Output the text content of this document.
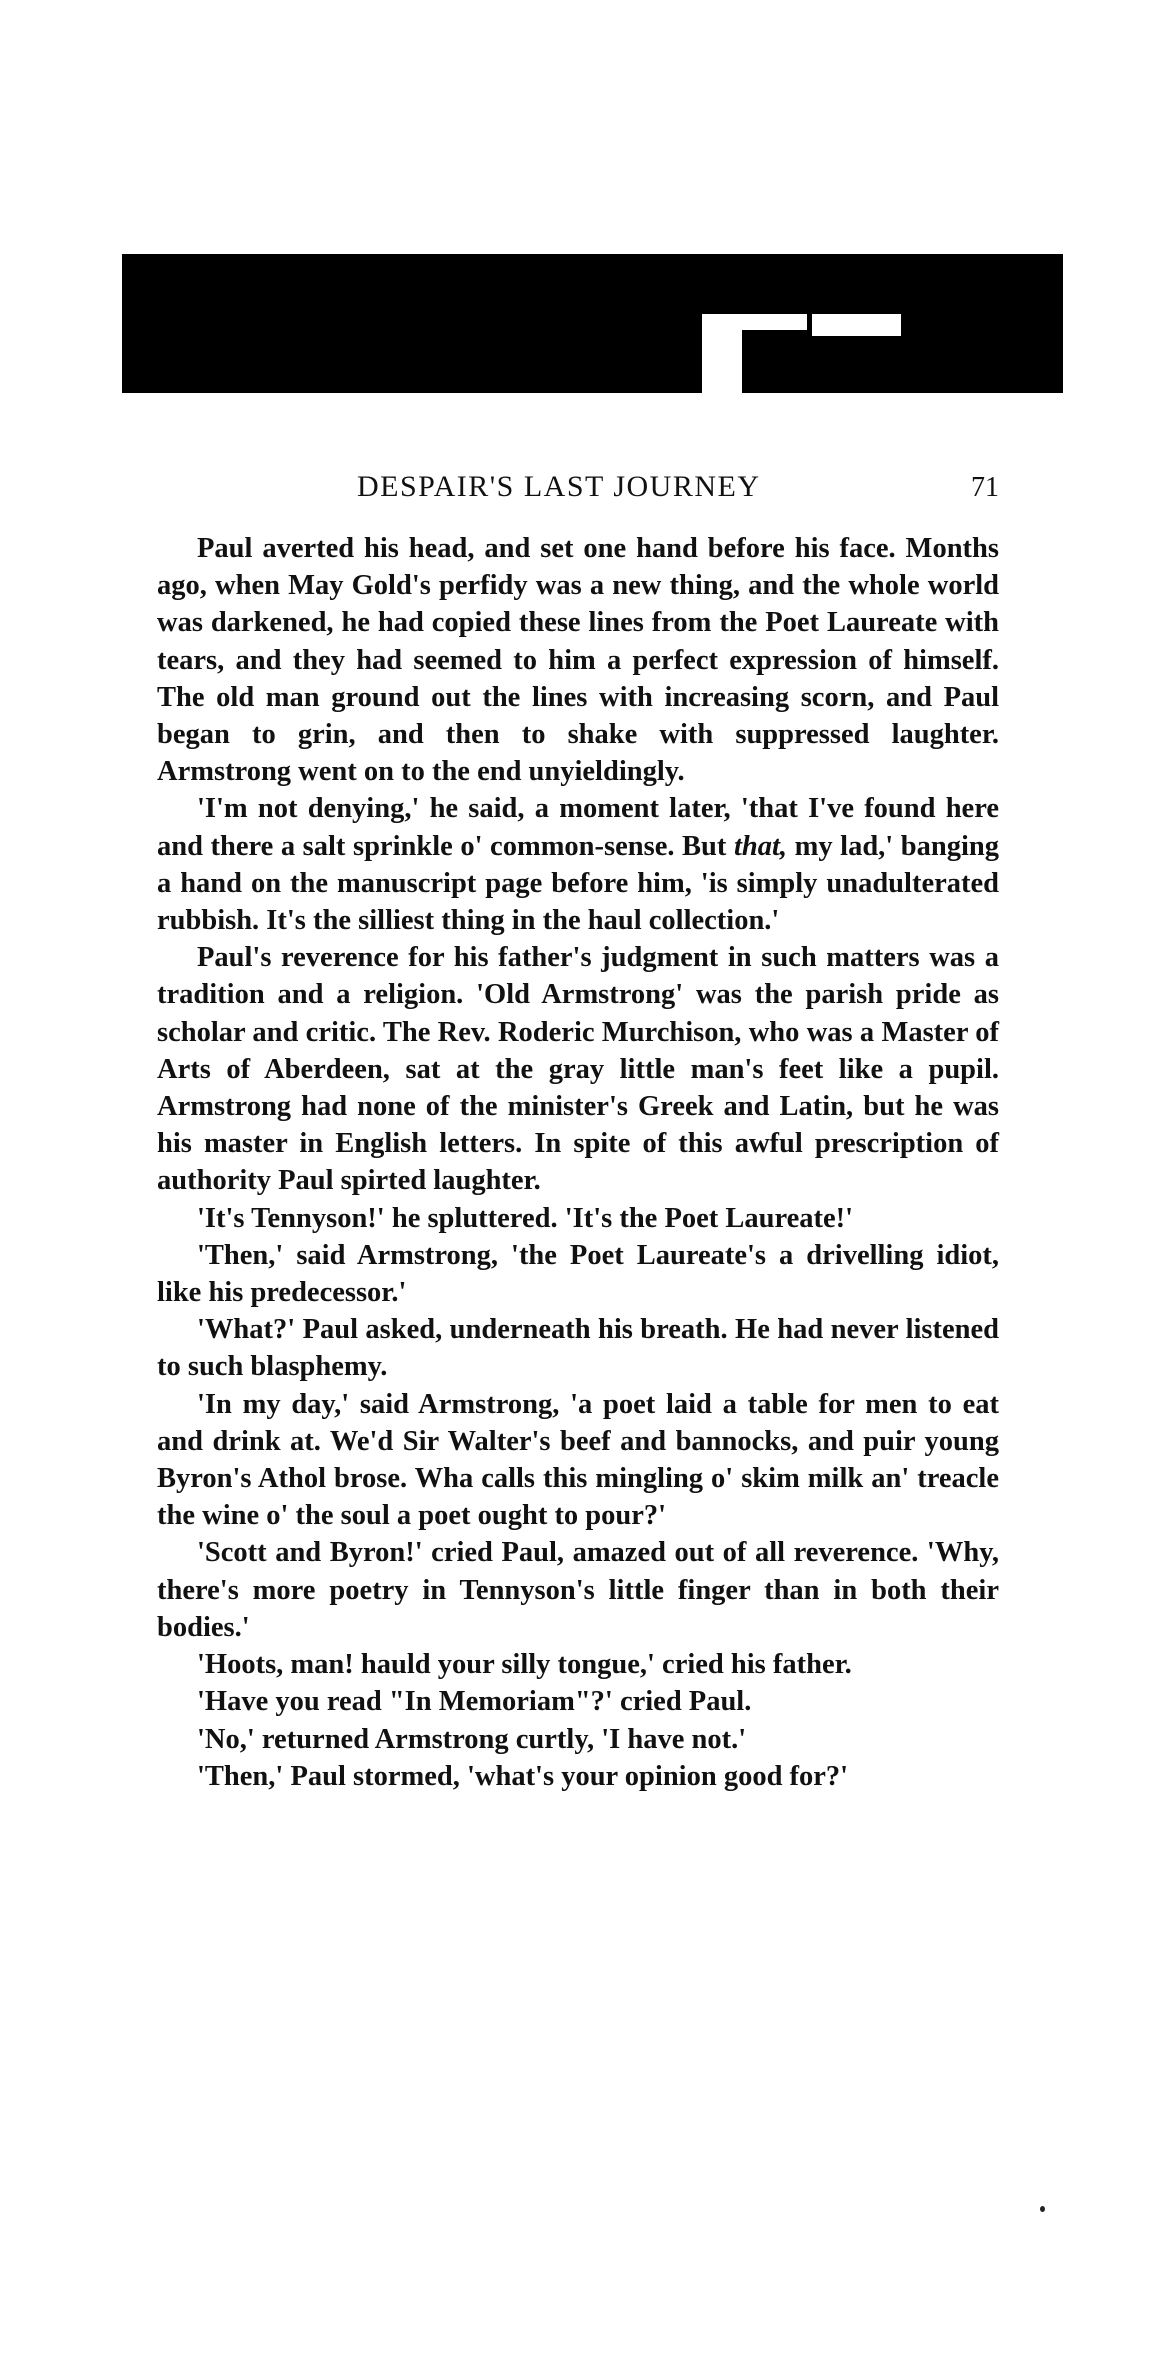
DESPAIR'S LAST JOURNEY	71

Paul averted his head, and set one hand before his face. Months ago, when May Gold's perfidy was a new thing, and the whole world was darkened, he had copied these lines from the Poet Laureate with tears, and they had seemed to him a perfect expression of himself. The old man ground out the lines with increasing scorn, and Paul began to grin, and then to shake with suppressed laughter. Armstrong went on to the end unyieldingly.

'I'm not denying,' he said, a moment later, 'that I've found here and there a salt sprinkle o' common-sense. But that, my lad,' banging a hand on the manuscript page before him, 'is simply unadulterated rubbish. It's the silliest thing in the haul collection.'

Paul's reverence for his father's judgment in such matters was a tradition and a religion. 'Old Armstrong' was the parish pride as scholar and critic. The Rev. Roderic Murchison, who was a Master of Arts of Aberdeen, sat at the gray little man's feet like a pupil. Armstrong had none of the minister's Greek and Latin, but he was his master in English letters. In spite of this awful prescription of authority Paul spirted laughter.

'It's Tennyson!' he spluttered. 'It's the Poet Laureate!'

'Then,' said Armstrong, 'the Poet Laureate's a drivelling idiot, like his predecessor.'

'What?' Paul asked, underneath his breath. He had never listened to such blasphemy.

'In my day,' said Armstrong, 'a poet laid a table for men to eat and drink at. We'd Sir Walter's beef and bannocks, and puir young Byron's Athol brose. Wha calls this mingling o' skim milk an' treacle the wine o' the soul a poet ought to pour?'

'Scott and Byron!' cried Paul, amazed out of all reverence. 'Why, there's more poetry in Tennyson's little finger than in both their bodies.'

'Hoots, man! hauld your silly tongue,' cried his father.

'Have you read "In Memoriam"?' cried Paul.

'No,' returned Armstrong curtly, 'I have not.'

'Then,' Paul stormed, 'what's your opinion good for?'
